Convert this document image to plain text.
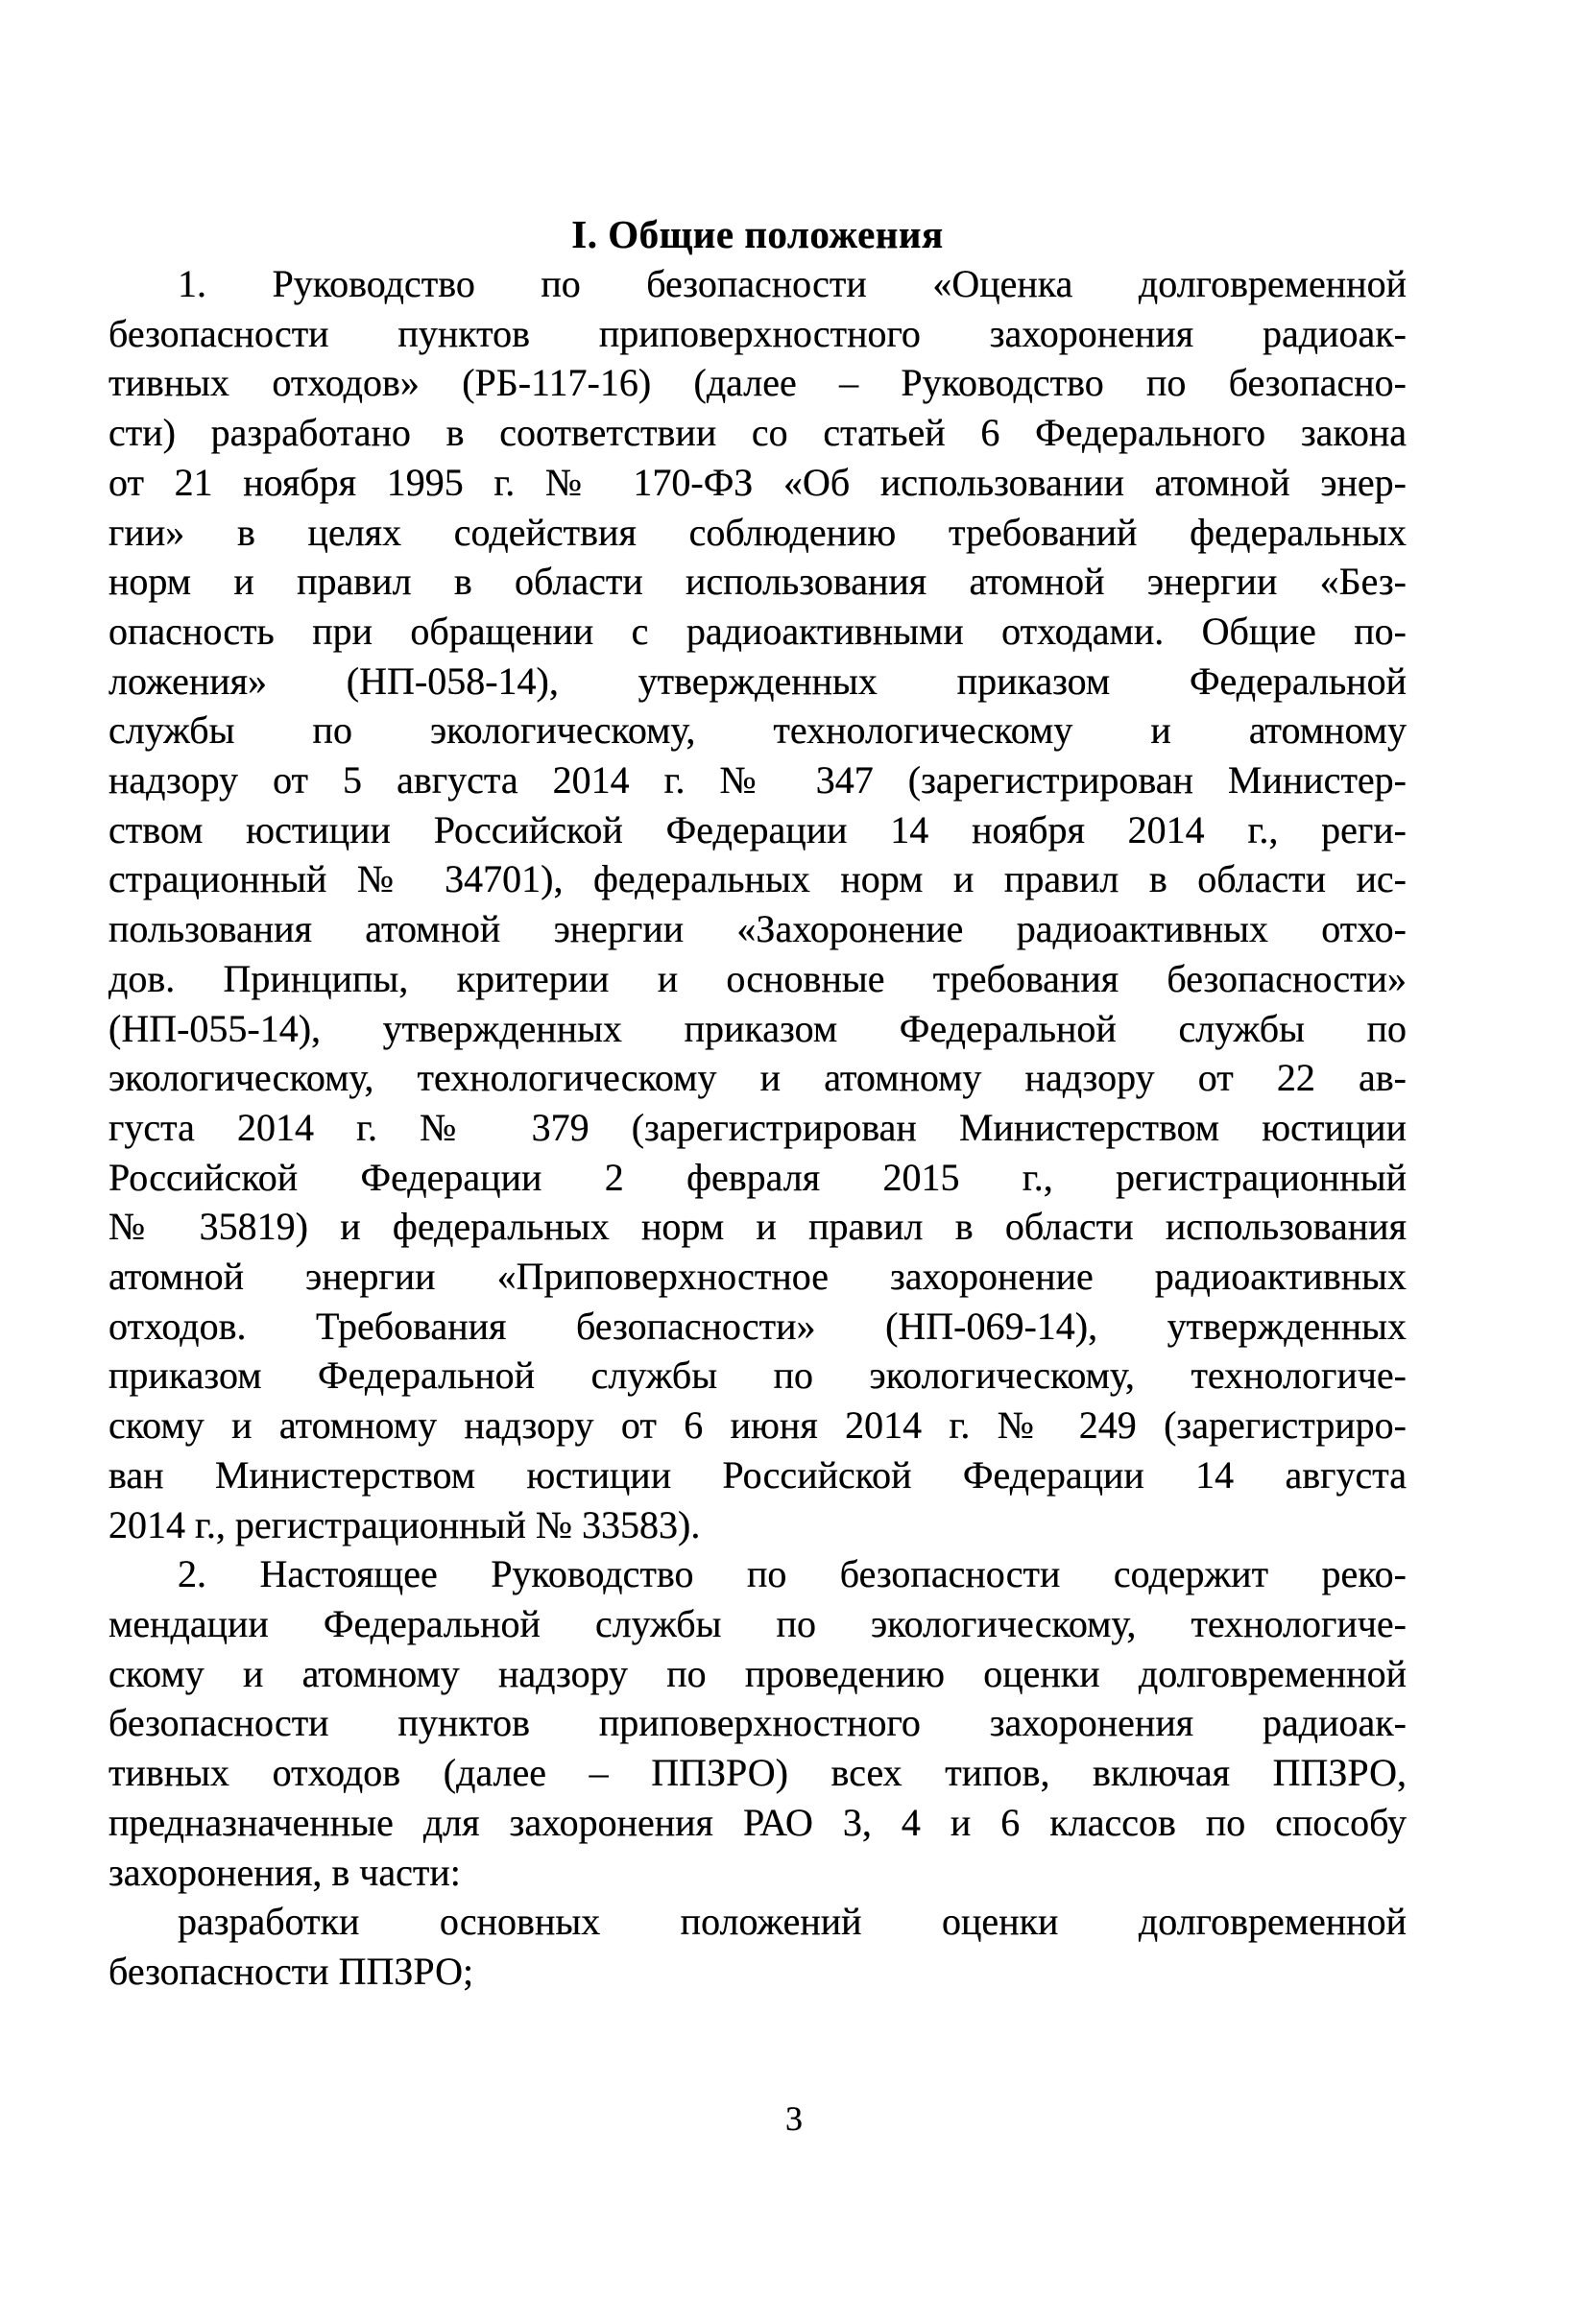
I. Общие положения
1. Руководство по безопасности «Оценка долговременной
безопасности пунктов приповерхностного захоронения радиоак-
тивных отходов» (РБ-117-16) (далее – Руководство по безопасно-
сти) разработано в соответствии со статьей 6 Федерального закона
от 21 ноября 1995 г. № 170-ФЗ «Об использовании атомной энер-
гии» в целях содействия соблюдению требований федеральных
норм и правил в области использования атомной энергии «Без-
опасность при обращении с радиоактивными отходами. Общие по-
ложения» (НП-058-14), утвержденных приказом Федеральной
службы по экологическому, технологическому и атомному
надзору от 5 августа 2014 г. № 347 (зарегистрирован Министер-
ством юстиции Российской Федерации 14 ноября 2014 г., реги-
страционный № 34701), федеральных норм и правил в области ис-
пользования атомной энергии «Захоронение радиоактивных отхо-
дов. Принципы, критерии и основные требования безопасности»
(НП-055-14), утвержденных приказом Федеральной службы по
экологическому, технологическому и атомному надзору от 22 ав-
густа 2014 г. № 379 (зарегистрирован Министерством юстиции
Российской Федерации 2 февраля 2015 г., регистрационный
№ 35819) и федеральных норм и правил в области использования
атомной энергии «Приповерхностное захоронение радиоактивных
отходов. Требования безопасности» (НП-069-14), утвержденных
приказом Федеральной службы по экологическому, технологиче-
скому и атомному надзору от 6 июня 2014 г. № 249 (зарегистриро-
ван Министерством юстиции Российской Федерации 14 августа
2014 г., регистрационный № 33583).
2. Настоящее Руководство по безопасности содержит реко-
мендации Федеральной службы по экологическому, технологиче-
скому и атомному надзору по проведению оценки долговременной
безопасности пунктов приповерхностного захоронения радиоак-
тивных отходов (далее – ППЗРО) всех типов, включая ППЗРО,
предназначенные для захоронения РАО 3, 4 и 6 классов по способу
захоронения, в части:
разработки основных положений оценки долговременной
безопасности ППЗРО;
3
